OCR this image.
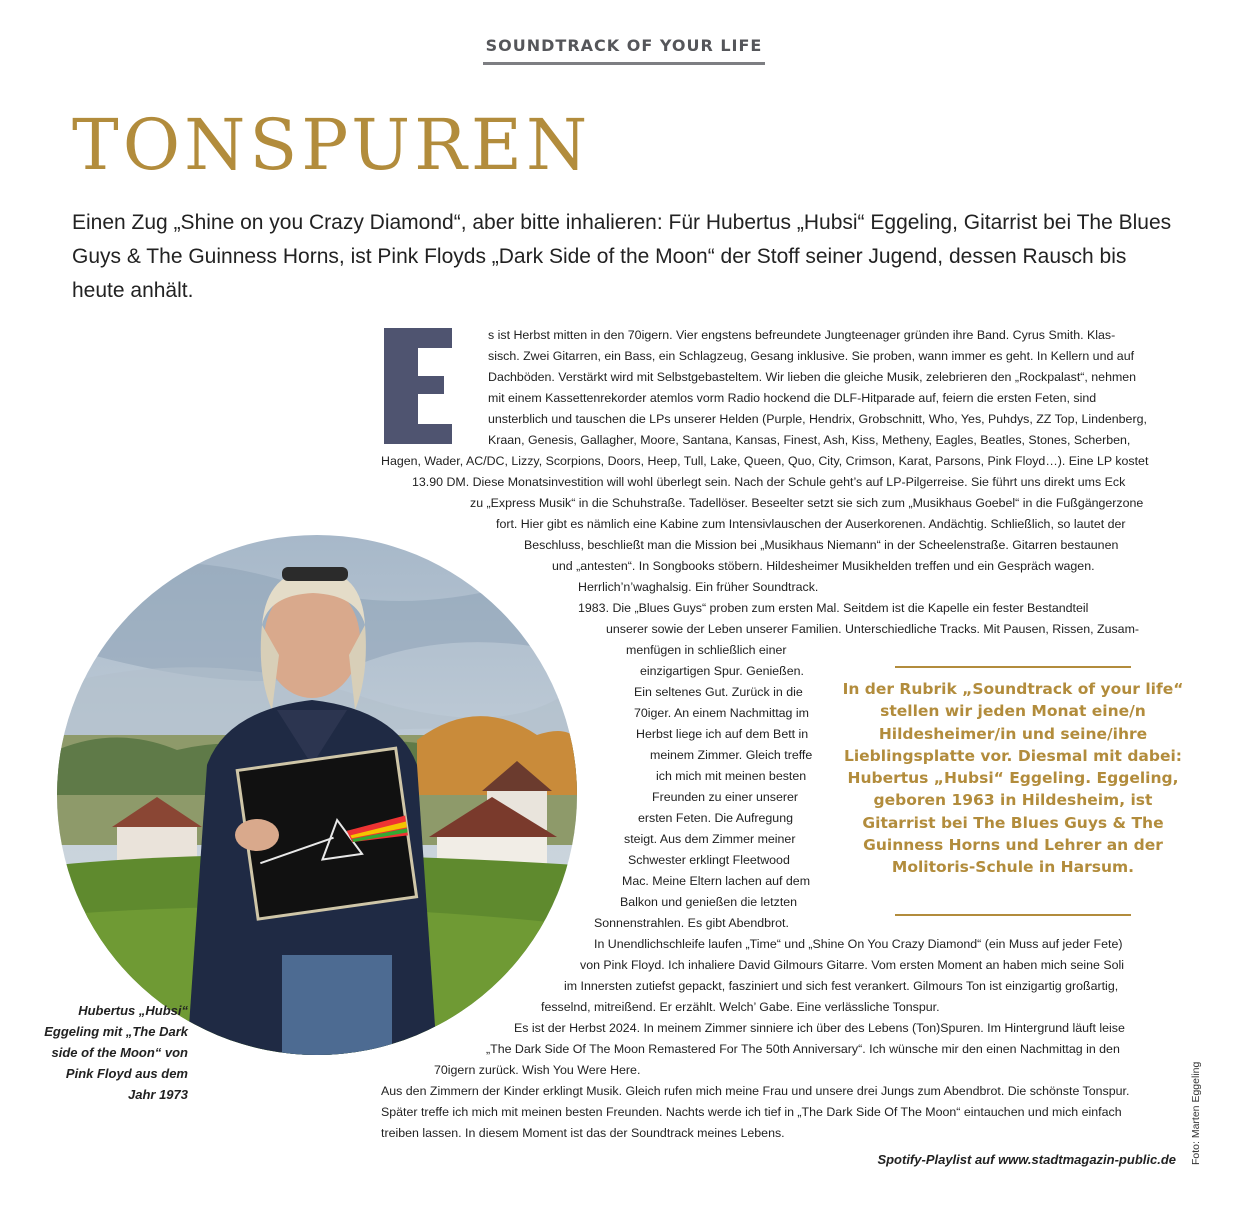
SOUNDTRACK OF YOUR LIFE
TONSPUREN

Einen Zug „Shine on you Crazy Diamond“, aber bitte inhalieren: Für Hubertus „Hubsi“ Eggeling, Gitarrist bei The Blues Guys & The Guinness Horns, ist Pink Floyds „Dark Side of the Moon“ der Stoff seiner Jugend, dessen Rausch bis heute anhält.

Hubertus „Hubsi“ Eggeling mit „The Dark side of the Moon“ von Pink Floyd aus dem Jahr 1973

s ist Herbst mitten in den 70igern. Vier engstens befreundete Jungteenager gründen ihre Band. Cyrus Smith. Klas-

sisch. Zwei Gitarren, ein Bass, ein Schlagzeug, Gesang inklusive. Sie proben, wann immer es geht. In Kellern und auf

Dachböden. Verstärkt wird mit Selbstgebasteltem. Wir lieben die gleiche Musik, zelebrieren den „Rockpalast“, nehmen

mit einem Kassettenrekorder atemlos vorm Radio hockend die DLF-Hitparade auf, feiern die ersten Feten, sind

unsterblich und tauschen die LPs unserer Helden (Purple, Hendrix, Grobschnitt, Who, Yes, Puhdys, ZZ Top, Lindenberg,

Kraan, Genesis, Gallagher, Moore, Santana, Kansas, Finest, Ash, Kiss, Metheny, Eagles, Beatles, Stones, Scherben,

Hagen, Wader, AC/DC, Lizzy, Scorpions, Doors, Heep, Tull, Lake, Queen, Quo, City, Crimson, Karat, Parsons, Pink Floyd…). Eine LP kostet

13.90 DM. Diese Monatsinvestition will wohl überlegt sein. Nach der Schule geht’s auf LP-Pilgerreise. Sie führt uns direkt ums Eck

zu „Express Musik“ in die Schuhstraße. Tadellöser. Beseelter setzt sie sich zum „Musikhaus Goebel“ in die Fußgängerzone

fort. Hier gibt es nämlich eine Kabine zum Intensivlauschen der Auserkorenen. Andächtig. Schließlich, so lautet der

Beschluss, beschließt man die Mission bei „Musikhaus Niemann“ in der Scheelenstraße. Gitarren bestaunen

und „antesten“. In Songbooks stöbern. Hildesheimer Musikhelden treffen und ein Gespräch wagen.

Herrlich’n’waghalsig. Ein früher Soundtrack.

1983. Die „Blues Guys“ proben zum ersten Mal. Seitdem ist die Kapelle ein fester Bestandteil

unserer sowie der Leben unserer Familien. Unterschiedliche Tracks. Mit Pausen, Rissen, Zusam-

menfügen in schließlich einer

einzigartigen Spur. Genießen.

Ein seltenes Gut. Zurück in die

70iger. An einem Nachmittag im

Herbst liege ich auf dem Bett in

meinem Zimmer. Gleich treffe

ich mich mit meinen besten

Freunden zu einer unserer

ersten Feten. Die Aufregung

steigt. Aus dem Zimmer meiner

Schwester erklingt Fleetwood

Mac. Meine Eltern lachen auf dem

Balkon und genießen die letzten

Sonnenstrahlen. Es gibt Abendbrot.

In Unendlichschleife laufen „Time“ und „Shine On You Crazy Diamond“ (ein Muss auf jeder Fete)

von Pink Floyd. Ich inhaliere David Gilmours Gitarre. Vom ersten Moment an haben mich seine Soli

im Innersten zutiefst gepackt, fasziniert und sich fest verankert. Gilmours Ton ist einzigartig großartig,

fesselnd, mitreißend. Er erzählt. Welch’ Gabe. Eine verlässliche Tonspur.

Es ist der Herbst 2024. In meinem Zimmer sinniere ich über des Lebens (Ton)Spuren. Im Hintergrund läuft leise

„The Dark Side Of The Moon Remastered For The 50th Anniversary“. Ich wünsche mir den einen Nachmittag in den

70igern zurück. Wish You Were Here.

Aus den Zimmern der Kinder erklingt Musik. Gleich rufen mich meine Frau und unsere drei Jungs zum Abendbrot. Die schönste Tonspur.

Später treffe ich mich mit meinen besten Freunden. Nachts werde ich tief in „The Dark Side Of The Moon“ eintauchen und mich einfach

treiben lassen. In diesem Moment ist das der Soundtrack meines Lebens.

In der Rubrik „Soundtrack of your life“ stellen wir jeden Monat eine/n Hildesheimer/in und seine/ihre Lieblingsplatte vor. Diesmal mit dabei: Hubertus „Hubsi“ Eggeling. Eggeling, geboren 1963 in Hildesheim, ist Gitarrist bei The Blues Guys & The Guinness Horns und Lehrer an der Molitoris-Schule in Harsum.

Spotify-Playlist auf www.stadtmagazin-public.de Foto: Marten Eggeling
